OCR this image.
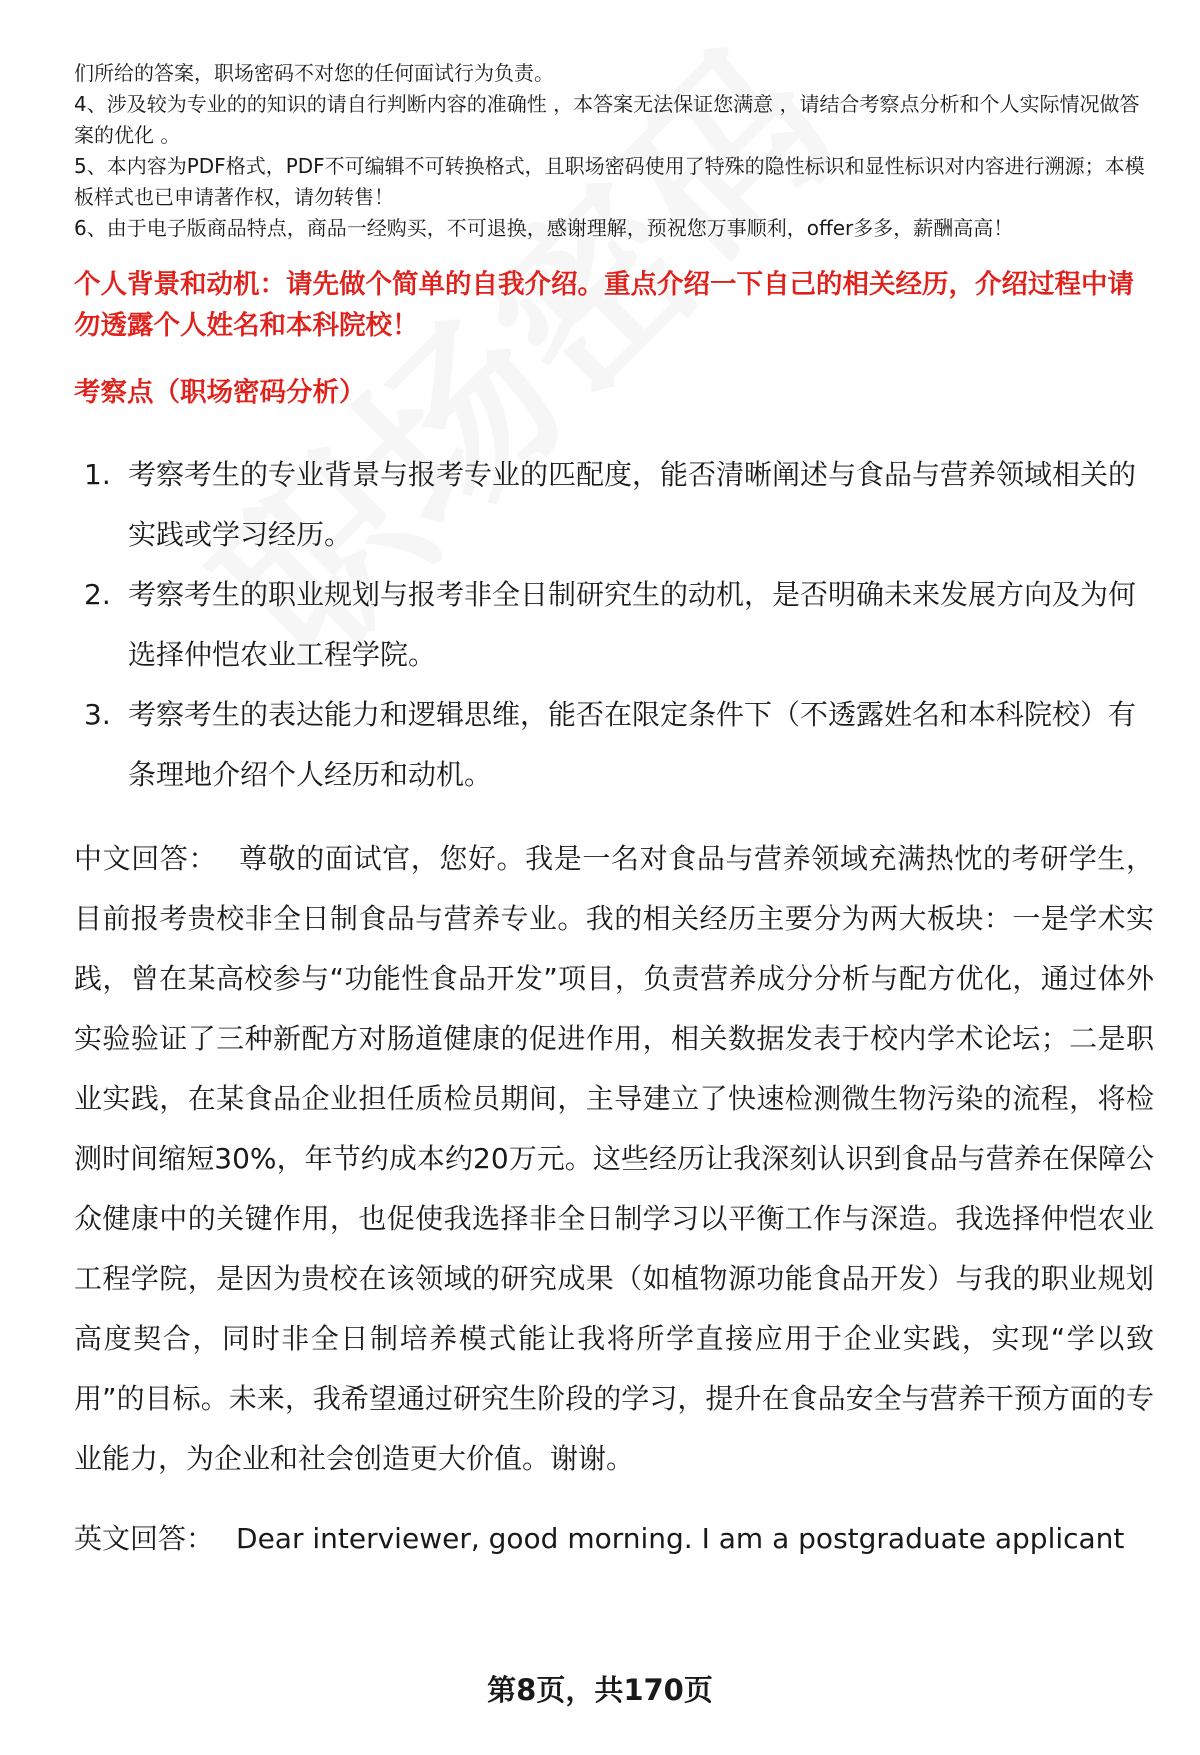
们所给的答案，职场密码不对您的任何面试行为负责。

4、涉及较为专业的的知识的请自行判断内容的准确性 ，本答案无法保证您满意 ，请结合考察点分析和个人实际情况做答案的优化 。

5、本内容为PDF格式，PDF不可编辑不可转换格式，且职场密码使用了特殊的隐性标识和显性标识对内容进行溯源；本模板样式也已申请著作权，请勿转售！

6、由于电子版商品特点，商品一经购买，不可退换，感谢理解，预祝您万事顺利，offer多多，薪酬高高！

个人背景和动机：请先做个简单的自我介绍。重点介绍一下自己的相关经历，介绍过程中请勿透露个人姓名和本科院校！
考察点（职场密码分析）
1. 考察考生的专业背景与报考专业的匹配度，能否清晰阐述与食品与营养领域相关的实践或学习经历。
2. 考察考生的职业规划与报考非全日制研究生的动机，是否明确未来发展方向及为何选择仲恺农业工程学院。
3. 考察考生的表达能力和逻辑思维，能否在限定条件下（不透露姓名和本科院校）有条理地介绍个人经历和动机。
中文回答： 尊敬的面试官，您好。我是一名对食品与营养领域充满热忱的考研学生，目前报考贵校非全日制食品与营养专业。我的相关经历主要分为两大板块：一是学术实践，曾在某高校参与“功能性食品开发”项目，负责营养成分分析与配方优化，通过体外实验验证了三种新配方对肠道健康的促进作用，相关数据发表于校内学术论坛；二是职业实践，在某食品企业担任质检员期间，主导建立了快速检测微生物污染的流程，将检测时间缩短30%，年节约成本约20万元。这些经历让我深刻认识到食品与营养在保障公众健康中的关键作用，也促使我选择非全日制学习以平衡工作与深造。我选择仲恺农业工程学院，是因为贵校在该领域的研究成果（如植物源功能食品开发）与我的职业规划高度契合，同时非全日制培养模式能让我将所学直接应用于企业实践，实现“学以致用”的目标。未来，我希望通过研究生阶段的学习，提升在食品安全与营养干预方面的专业能力，为企业和社会创造更大价值。谢谢。
英文回答： Dear interviewer, good morning. I am a postgraduate applicant
第8页，共170页
